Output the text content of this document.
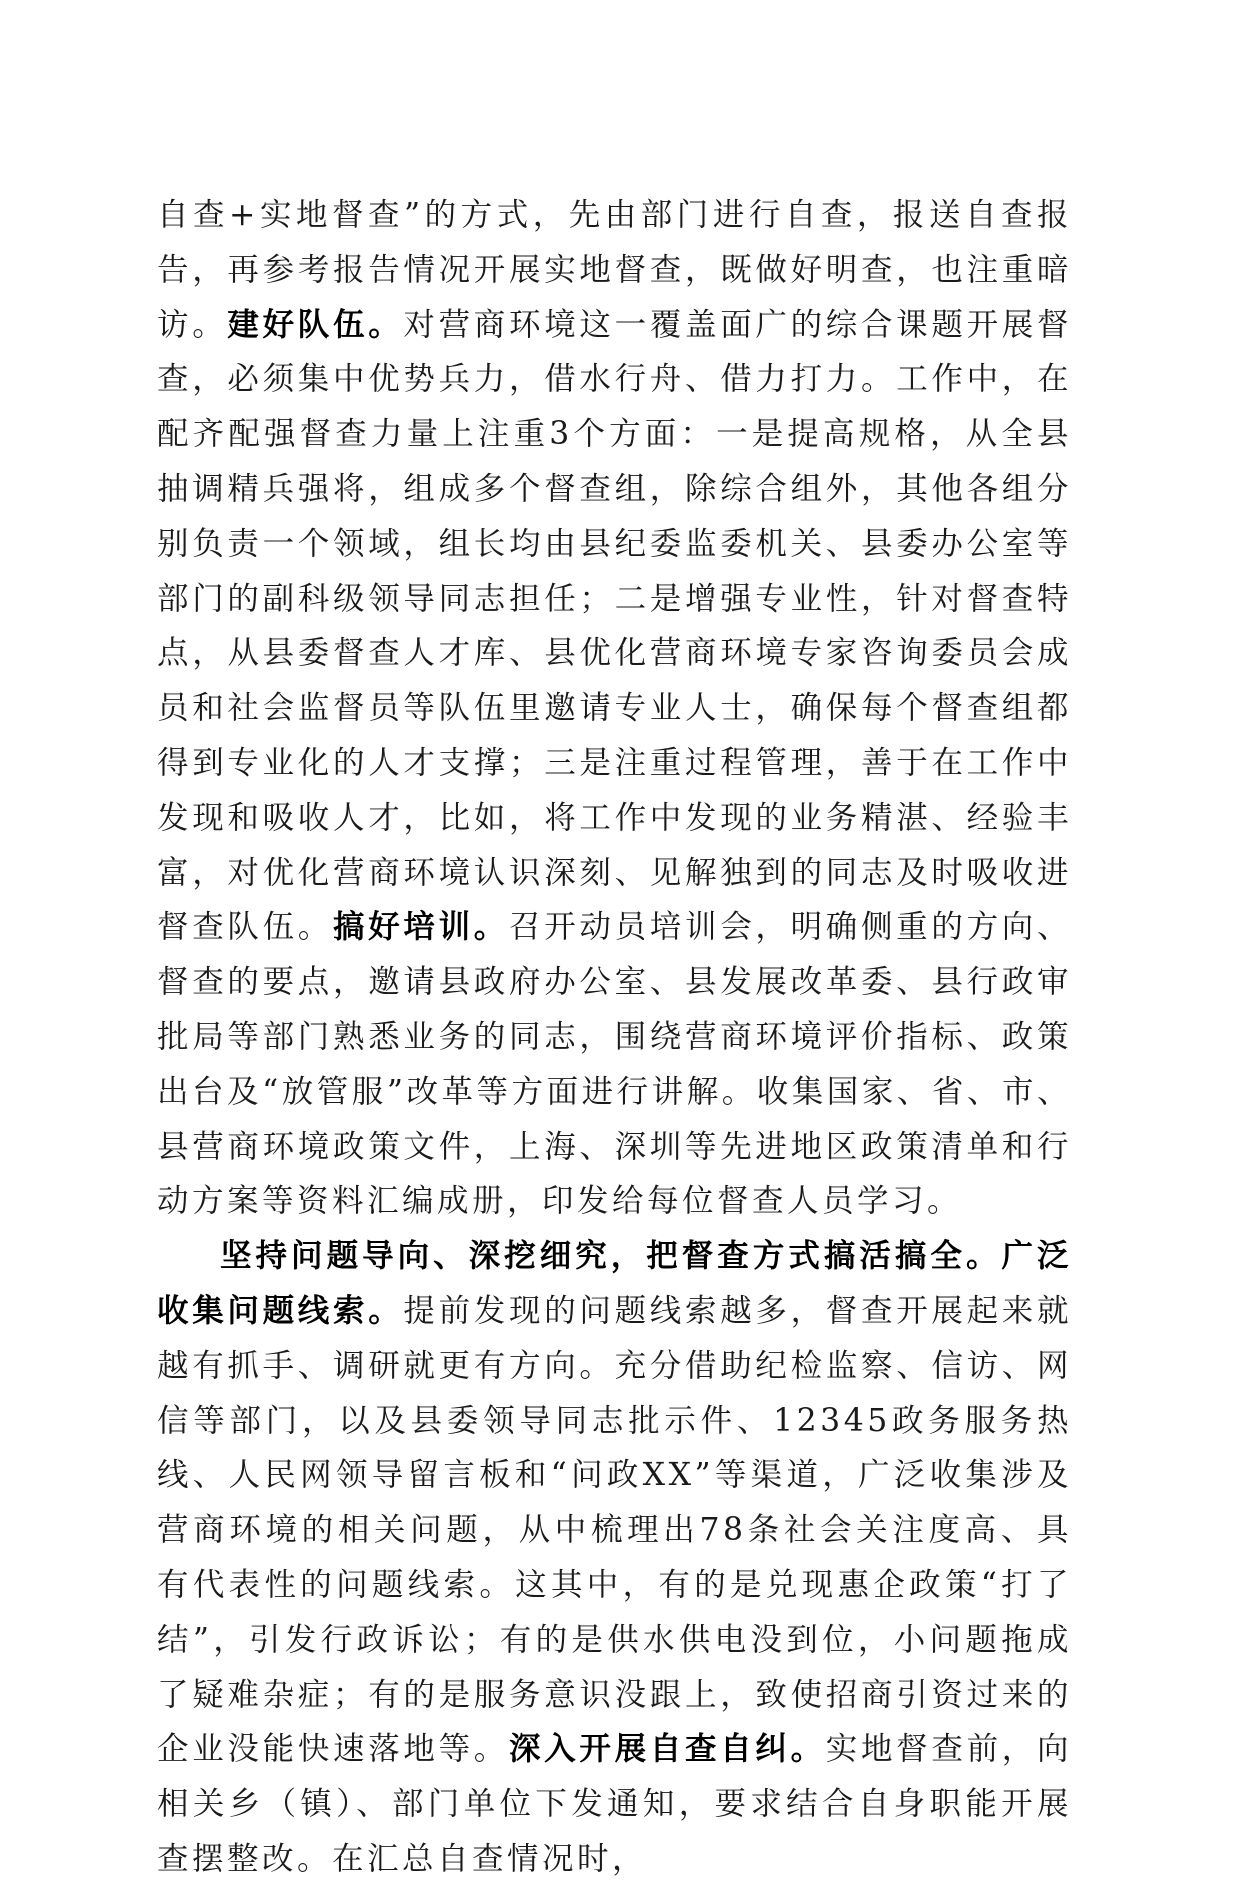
自查+实地督查”的方式，先由部门进行自查，报送自查报告，再参考报告情况开展实地督查，既做好明查，也注重暗访。建好队伍。对营商环境这一覆盖面广的综合课题开展督查，必须集中优势兵力，借水行舟、借力打力。工作中，在配齐配强督查力量上注重3个方面：一是提高规格，从全县抽调精兵强将，组成多个督查组，除综合组外，其他各组分别负责一个领域，组长均由县纪委监委机关、县委办公室等部门的副科级领导同志担任；二是增强专业性，针对督查特点，从县委督查人才库、县优化营商环境专家咨询委员会成员和社会监督员等队伍里邀请专业人士，确保每个督查组都得到专业化的人才支撑；三是注重过程管理，善于在工作中发现和吸收人才，比如，将工作中发现的业务精湛、经验丰富，对优化营商环境认识深刻、见解独到的同志及时吸收进督查队伍。搞好培训。召开动员培训会，明确侧重的方向、督查的要点，邀请县政府办公室、县发展改革委、县行政审批局等部门熟悉业务的同志，围绕营商环境评价指标、政策出台及“放管服”改革等方面进行讲解。收集国家、省、市、县营商环境政策文件，上海、深圳等先进地区政策清单和行动方案等资料汇编成册，印发给每位督查人员学习。

坚持问题导向、深挖细究，把督查方式搞活搞全。广泛收集问题线索。提前发现的问题线索越多，督查开展起来就越有抓手、调研就更有方向。充分借助纪检监察、信访、网信等部门，以及县委领导同志批示件、12345政务服务热线、人民网领导留言板和“问政XX”等渠道，广泛收集涉及营商环境的相关问题，从中梳理出78条社会关注度高、具有代表性的问题线索。这其中，有的是兑现惠企政策“打了结”，引发行政诉讼；有的是供水供电没到位，小问题拖成了疑难杂症；有的是服务意识没跟上，致使招商引资过来的企业没能快速落地等。深入开展自查自纠。实地督查前，向相关乡（镇）、部门单位下发通知，要求结合自身职能开展查摆整改。在汇总自查情况时，
